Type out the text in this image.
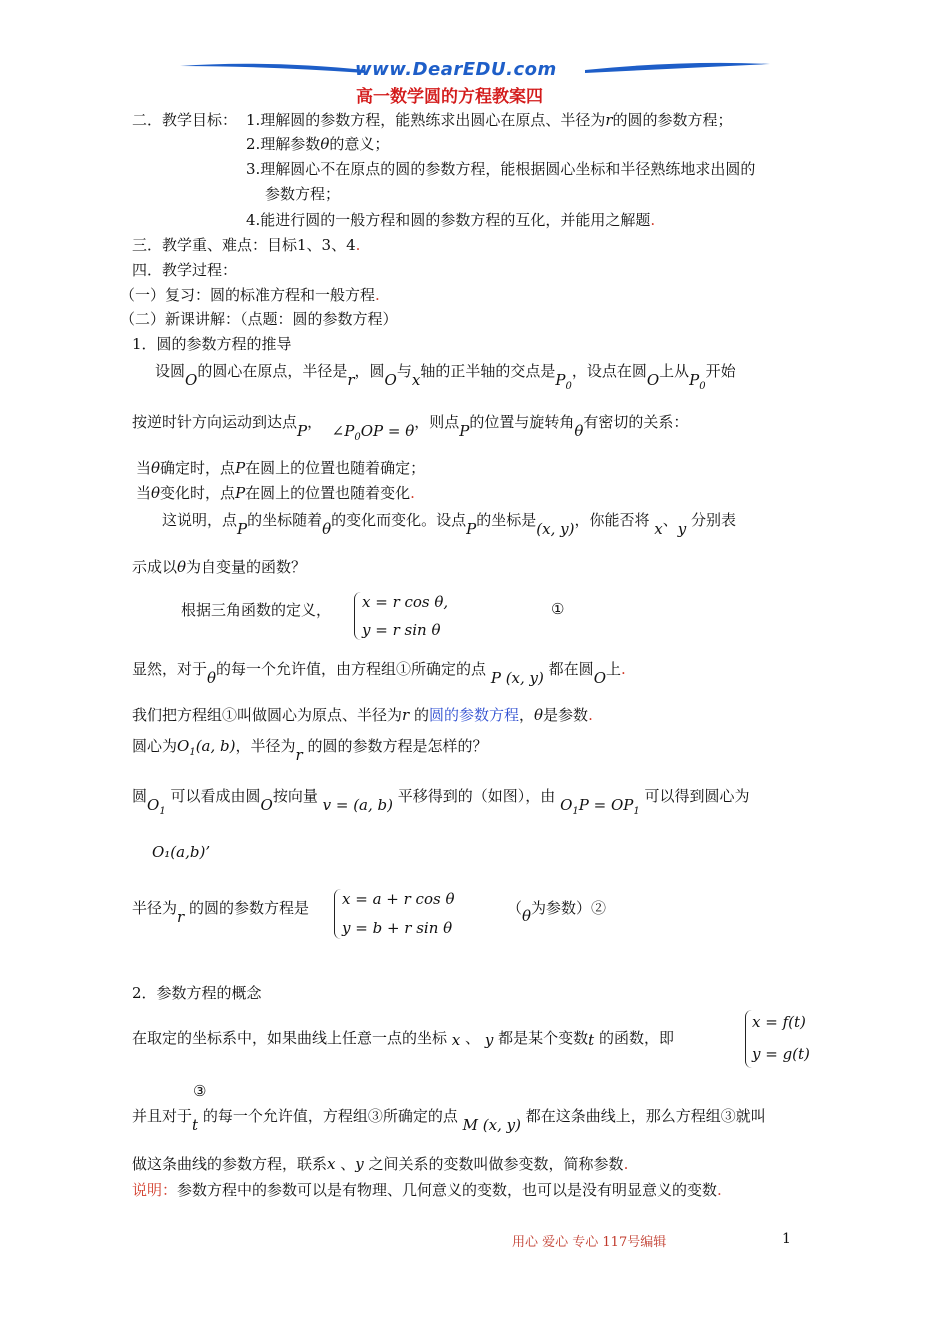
www.DearEDU.com
高一数学圆的方程教案四
二．教学目标： 1.理解圆的参数方程，能熟练求出圆心在原点、半径为r的圆的参数方程；
2.理解参数θ的意义；
3.理解圆心不在原点的圆的参数方程，能根据圆心坐标和半径熟练地求出圆的
参数方程；
4.能进行圆的一般方程和圆的参数方程的互化，并能用之解题.
三．教学重、难点：目标1、3、4.
四．教学过程：
（一）复习：圆的标准方程和一般方程.
（二）新课讲解：（点题：圆的参数方程）
1．圆的参数方程的推导
设圆O的圆心在原点，半径是r，圆O与x轴的正半轴的交点是$P_0$，设点在圆O上从$P_0$开始
按逆时针方向运动到达点P， $\angle P_0OP = \theta$，则点P的位置与旋转角θ有密切的关系：
当θ确定时，点P在圆上的位置也随着确定；
当θ变化时，点P在圆上的位置也随着变化.
这说明，点P的坐标随着θ的变化而变化。设点P的坐标是(x, y)，你能否将 x、y 分别表
示成以θ为自变量的函数？
根据三角函数的定义， x = r cos θ,
y = r sin θ
①
显然，对于θ的每一个允许值，由方程组①所确定的点 P (x, y) 都在圆O上.
我们把方程组①叫做圆心为原点、半径为r 的圆的参数方程，θ是参数.
圆心为$O_1(a$, b)，半径为r 的圆的参数方程是怎样的？
圆$O_1$ 可以看成由圆O按向量 v = (a, b) 平移得到的（如图），由 $O_1P = OP_1$ 可以得到圆心为
O₁(a,b)’
半径为r 的圆的参数方程是 x = a + r cos θ
y = b + r sin θ
（θ为参数）②
2．参数方程的概念
在取定的坐标系中，如果曲线上任意一点的坐标 x 、 y 都是某个变数t 的函数，即
x = f(t)
y = g(t)
③
并且对于t 的每一个允许值，方程组③所确定的点 M (x, y) 都在这条曲线上，那么方程组③就叫
做这条曲线的参数方程，联系x 、y 之间关系的变数叫做参变数，简称参数.
说明：参数方程中的参数可以是有物理、几何意义的变数，也可以是没有明显意义的变数.
用心 爱心 专心 117号编辑	1
